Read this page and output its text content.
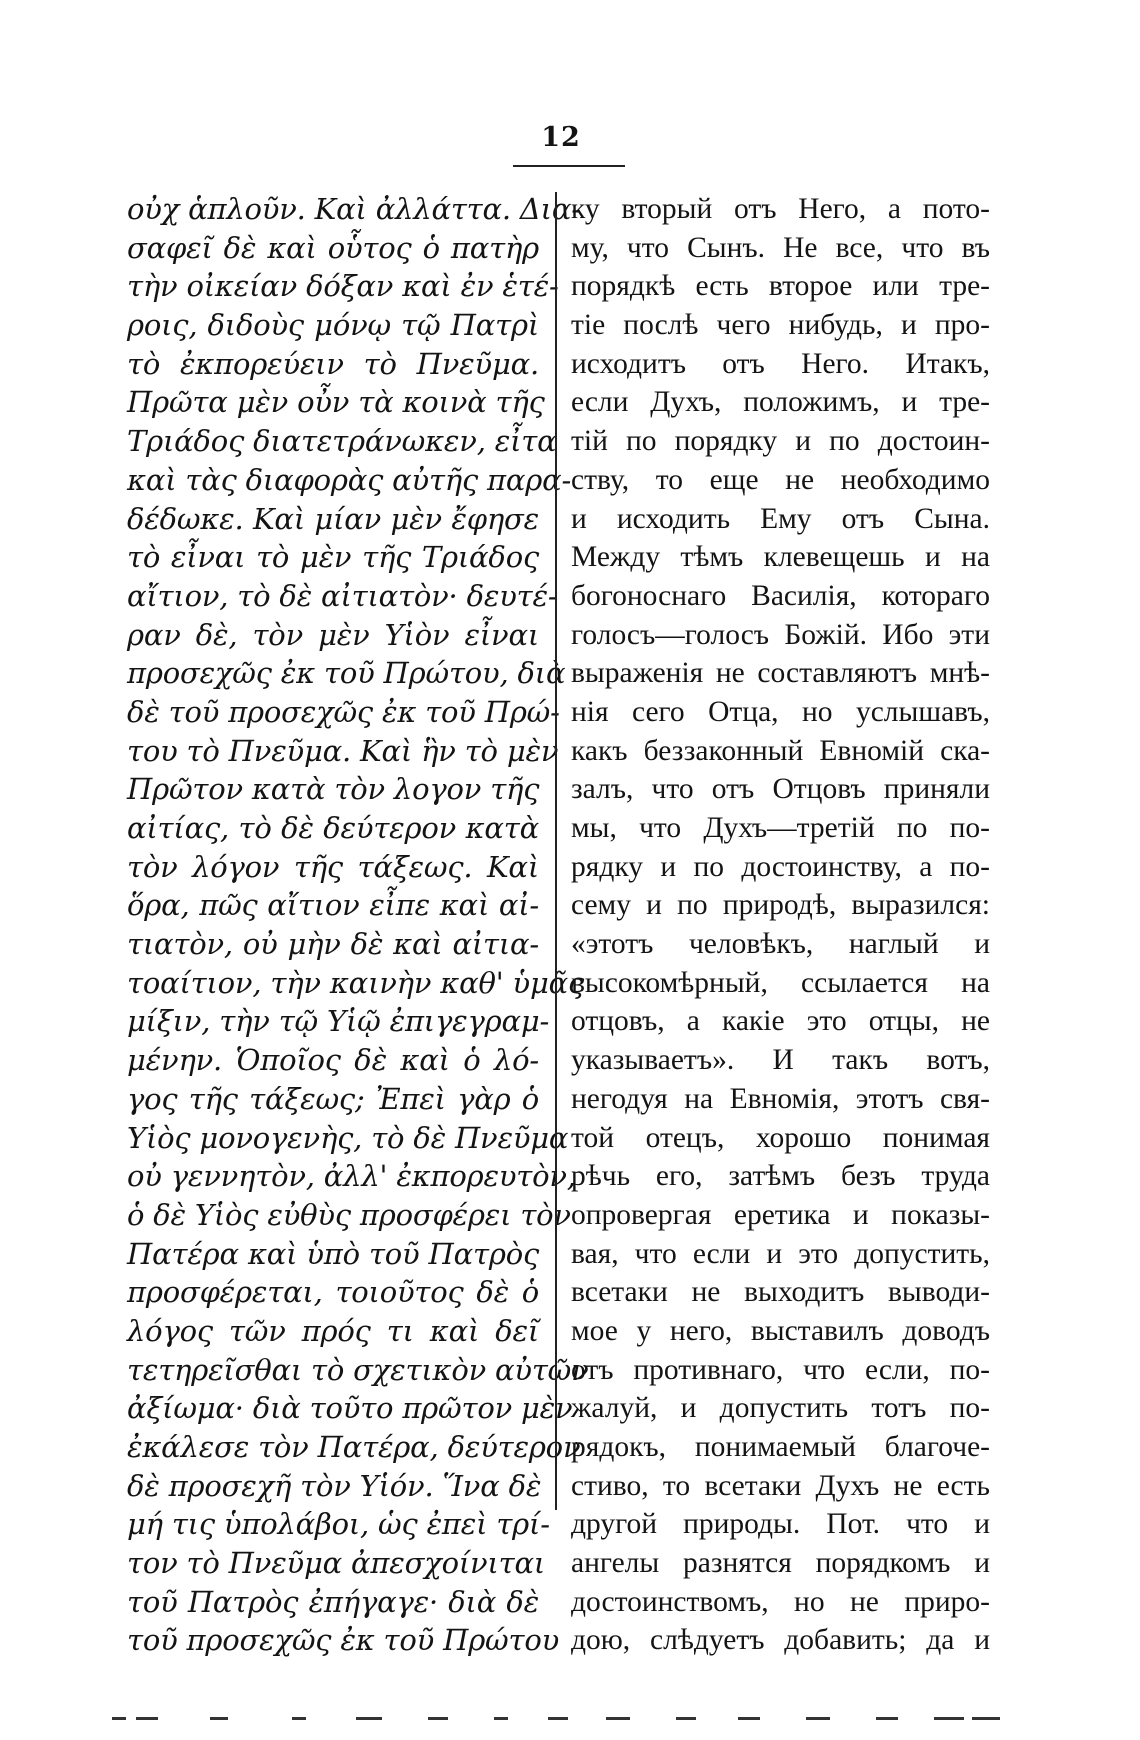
12
οὐχ ἁπλοῦν. Καὶ ἀλλάττα. Δια-
σαφεῖ δὲ καὶ οὗτος ὁ πατὴρ
τὴν οἰκείαν δόξαν καὶ ἐν ἑτέ-
ροις, διδοὺς μόνῳ τῷ Πατρὶ
τὸ ἐκπορεύειν τὸ Πνεῦμα.
Πρῶτα μὲν οὖν τὰ κοινὰ τῆς
Τριάδος διατετράνωκεν, εἶτα
καὶ τὰς διαφορὰς αὐτῆς παρα-
δέδωκε. Καὶ μίαν μὲν ἔφησε
τὸ εἶναι τὸ μὲν τῆς Τριάδος
αἴτιον, τὸ δὲ αἰτιατὸν· δευτέ-
ραν δὲ, τὸν μὲν Υἱὸν εἶναι
προσεχῶς ἐκ τοῦ Πρώτου, διὰ
δὲ τοῦ προσεχῶς ἐκ τοῦ Πρώ-
του τὸ Πνεῦμα. Καὶ ἣν τὸ μὲν
Πρῶτον κατὰ τὸν λογον τῆς
αἰτίας, τὸ δὲ δεύτερον κατὰ
τὸν λόγον τῆς τάξεως. Καὶ
ὅρα, πῶς αἴτιον εἶπε καὶ αἰ-
τιατὸν, οὐ μὴν δὲ καὶ αἰτια-
τοαίτιον, τὴν καινὴν καθ' ὑμᾶς
μίξιν, τὴν τῷ Υἱῷ ἐπιγεγραμ-
μένην. Ὁποῖος δὲ καὶ ὁ λό-
γος τῆς τάξεως; Ἐπεὶ γὰρ ὁ
Υἱὸς μονογενὴς, τὸ δὲ Πνεῦμα
οὐ γεννητὸν, ἀλλ' ἐκπορευτὸν,
ὁ δὲ Υἱὸς εὐθὺς προσφέρει τὸν
Πατέρα καὶ ὑπὸ τοῦ Πατρὸς
προσφέρεται, τοιοῦτος δὲ ὁ
λόγος τῶν πρός τι καὶ δεῖ
τετηρεῖσθαι τὸ σχετικὸν αὐτῶν
ἀξίωμα· διὰ τοῦτο πρῶτον μὲν
ἐκάλεσε τὸν Πατέρα, δεύτερον
δὲ προσεχῆ τὸν Υἱόν. Ἵνα δὲ
μή τις ὑπολάβοι, ὡς ἐπεὶ τρί-
τον τὸ Πνεῦμα ἀπεσχοίνιται
τοῦ Πατρὸς ἐπήγαγε· διὰ δὲ
τοῦ προσεχῶς ἐκ τοῦ Πρώτου
ку вторый отъ Него, а пото-
му, что Сынъ. Не все, что въ
порядкѣ есть второе или тре-
тіе послѣ чего нибудь, и про-
исходитъ отъ Него. Итакъ,
если Духъ, положимъ, и тре-
тій по порядку и по достоин-
ству, то еще не необходимо
и исходить Ему отъ Сына.
Между тѣмъ клевещешь и на
богоноснаго Василія, котораго
голосъ—голосъ Божій. Ибо эти
выраженія не составляютъ мнѣ-
нія сего Отца, но услышавъ,
какъ беззаконный Евномій ска-
залъ, что отъ Отцовъ приняли
мы, что Духъ—третій по по-
рядку и по достоинству, а по-
сему и по природѣ, выразился:
«этотъ человѣкъ, наглый и
высокомѣрный, ссылается на
отцовъ, а какіе это отцы, не
указываетъ». И такъ вотъ,
негодуя на Евномія, этотъ свя-
той отецъ, хорошо понимая
рѣчь его, затѣмъ безъ труда
опровергая еретика и показы-
вая, что если и это допустить,
всетаки не выходитъ выводи-
мое у него, выставилъ доводъ
отъ противнаго, что если, по-
жалуй, и допустить тотъ по-
рядокъ, понимаемый благоче-
стиво, то всетаки Духъ не есть
другой природы. Пот. что и
ангелы разнятся порядкомъ и
достоинствомъ, но не приро-
дою, слѣдуетъ добавить; да и
